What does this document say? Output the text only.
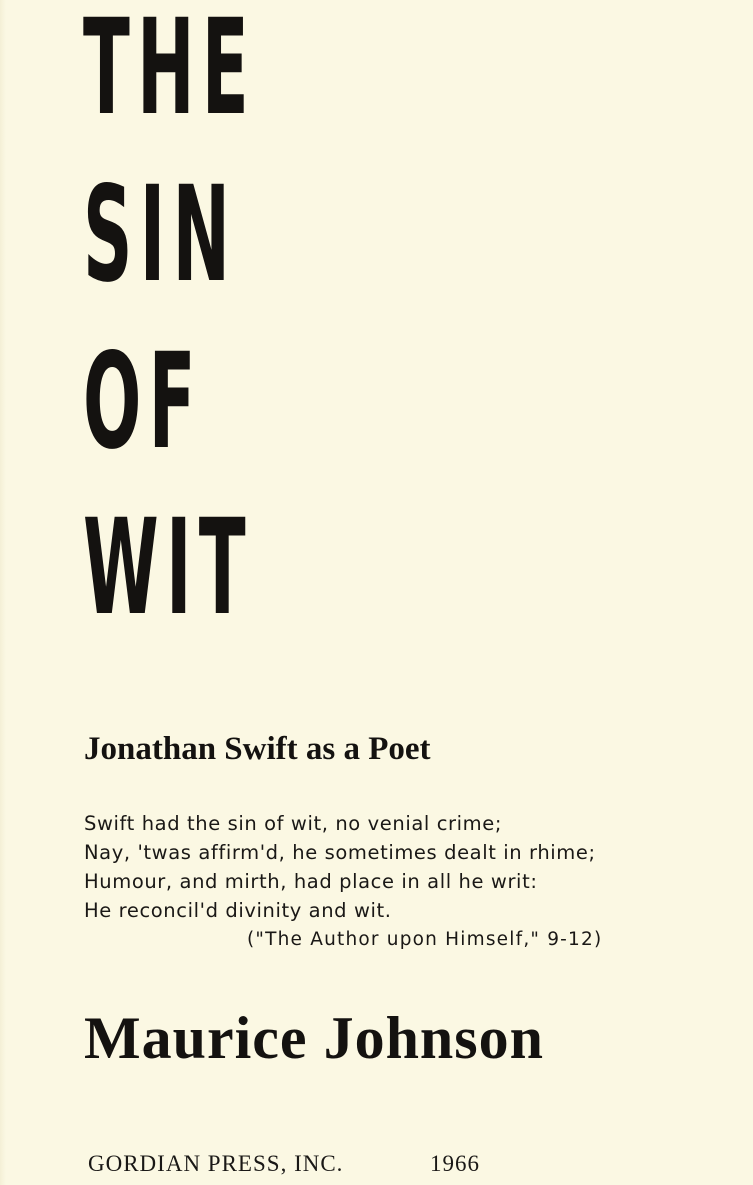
THE
SIN
OF
WIT
Jonathan Swift as a Poet
Swift had the sin of wit, no venial crime;
Nay, 'twas affirm'd, he sometimes dealt in rhime;
Humour, and mirth, had place in all he writ:
He reconcil'd divinity and wit.
("The Author upon Himself," 9-12)
Maurice Johnson
GORDIAN PRESS, INC.	1966
